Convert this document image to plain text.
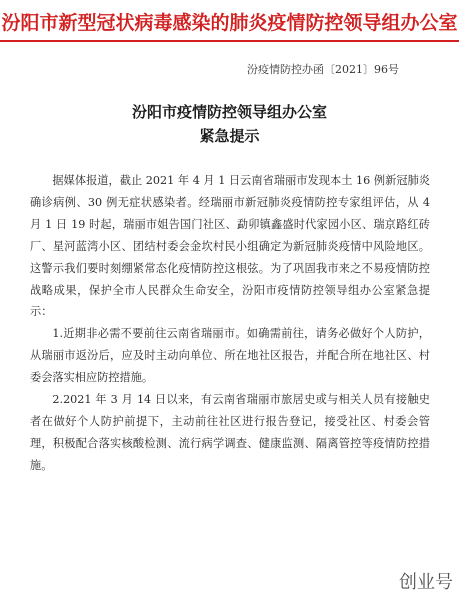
汾阳市新型冠状病毒感染的肺炎疫情防控领导组办公室
汾疫情防控办函〔2021〕96号
汾阳市疫情防控领导组办公室
紧急提示

据媒体报道，截止 2021 年 4 月 1 日云南省瑞丽市发现本土 16 例新冠肺炎确诊病例、30 例无症状感染者。经瑞丽市新冠肺炎疫情防控专家组评估，从 4 月 1 日 19 时起，瑞丽市姐告国门社区、勐卯镇鑫盛时代家园小区、瑞京路红砖厂、星河蓝湾小区、团结村委会金坎村民小组确定为新冠肺炎疫情中风险地区。这警示我们要时刻绷紧常态化疫情防控这根弦。为了巩固我市来之不易疫情防控战略成果，保护全市人民群众生命安全，汾阳市疫情防控领导组办公室紧急提示：

1.近期非必需不要前往云南省瑞丽市。如确需前往，请务必做好个人防护，从瑞丽市返汾后，应及时主动向单位、所在地社区报告，并配合所在地社区、村委会落实相应防控措施。

2.2021 年 3 月 14 日以来，有云南省瑞丽市旅居史或与相关人员有接触史者在做好个人防护前提下，主动前往社区进行报告登记，接受社区、村委会管理，积极配合落实核酸检测、流行病学调查、健康监测、隔离管控等疫情防控措施。

创业号
